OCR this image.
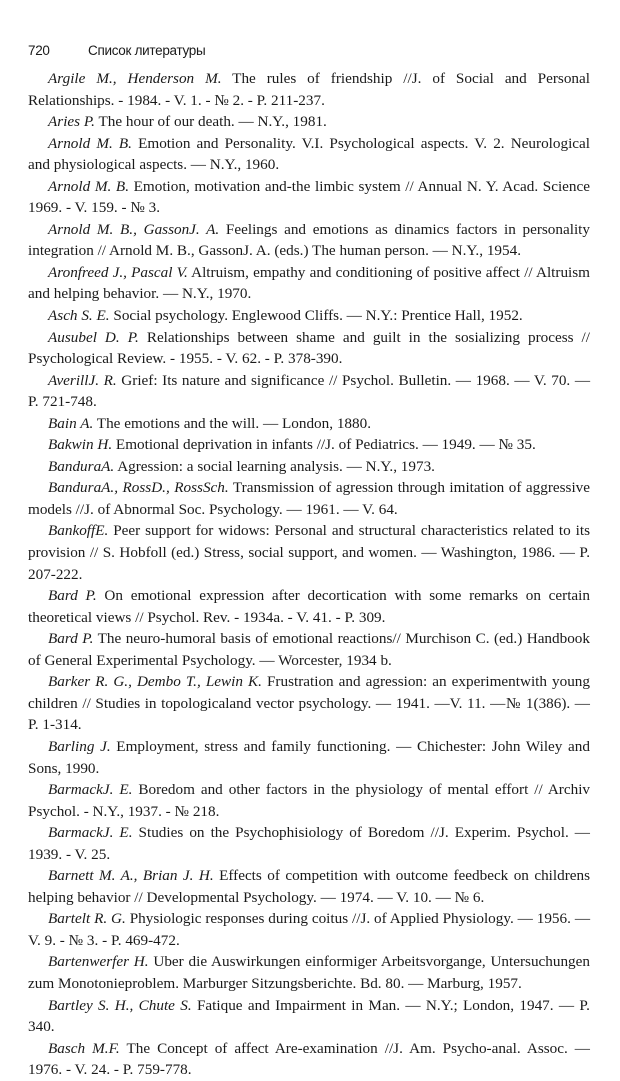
720	Список литературы

Argile M., Henderson M. The rules of friendship //J. of Social and Personal Relationships. - 1984. - V. 1. - № 2. - P. 211-237.

Aries P. The hour of our death. — N.Y., 1981.

Arnold M. B. Emotion and Personality. V.I. Psychological aspects. V. 2. Neurological and physiological aspects. — N.Y., 1960.

Arnold M. B. Emotion, motivation and-the limbic system // Annual N. Y. Acad. Science 1969. - V. 159. - № 3.

Arnold M. B., GassonJ. A. Feelings and emotions as dinamics factors in personality integration // Arnold M. B., GassonJ. A. (eds.) The human person. — N.Y., 1954.

Aronfreed J., Pascal V. Altruism, empathy and conditioning of positive affect // Altruism and helping behavior. — N.Y., 1970.

Asch S. E. Social psychology. Englewood Cliffs. — N.Y.: Prentice Hall, 1952.

Ausubel D. P. Relationships between shame and guilt in the sosializing process // Psychological Review. - 1955. - V. 62. - P. 378-390.

AverillJ. R. Grief: Its nature and significance // Psychol. Bulletin. — 1968. — V. 70. — P. 721-748.

Bain A. The emotions and the will. — London, 1880.

Bakwin H. Emotional deprivation in infants //J. of Pediatrics. — 1949. — № 35.

BanduraA. Agression: a social learning analysis. — N.Y., 1973.

BanduraA., RossD., RossSch. Transmission of agression through imitation of aggressive models //J. of Abnormal Soc. Psychology. — 1961. — V. 64.

BankoffE. Peer support for widows: Personal and structural characteristics related to its provision // S. Hobfoll (ed.) Stress, social support, and women. — Washington, 1986. — P. 207-222.

Bard P. On emotional expression after decortication with some remarks on certain theoretical views // Psychol. Rev. - 1934a. - V. 41. - P. 309.

Bard P. The neuro-humoral basis of emotional reactions// Murchison C. (ed.) Handbook of General Experimental Psychology. — Worcester, 1934 b.

Barker R. G., Dembo T., Lewin K. Frustration and agression: an experimentwith young children // Studies in topologicaland vector psychology. — 1941. —V. 11. —№ 1(386). — P. 1-314.

Barling J. Employment, stress and family functioning. — Chichester: John Wiley and Sons, 1990.

BarmackJ. E. Boredom and other factors in the physiology of mental effort // Archiv Psychol. - N.Y., 1937. - № 218.

BarmackJ. E. Studies on the Psychophisiology of Boredom //J. Experim. Psychol. — 1939. - V. 25.

Barnett M. A., Brian J. H. Effects of competition with outcome feedbeck on childrens helping behavior // Developmental Psychology. — 1974. — V. 10. — № 6.

Bartelt R. G. Physiologic responses during coitus //J. of Applied Physiology. — 1956. — V. 9. - № 3. - P. 469-472.

Bartenwerfer H. Uber die Auswirkungen einformiger Arbeitsvorgange, Untersuchungen zum Monotonieproblem. Marburger Sitzungsberichte. Bd. 80. — Marburg, 1957.

Bartley S. H., Chute S. Fatique and Impairment in Man. — N.Y.; London, 1947. — P. 340.

Basch M.F. The Concept of affect Are-examination //J. Am. Psycho-anal. Assoc. — 1976. - V. 24. - P. 759-778.
